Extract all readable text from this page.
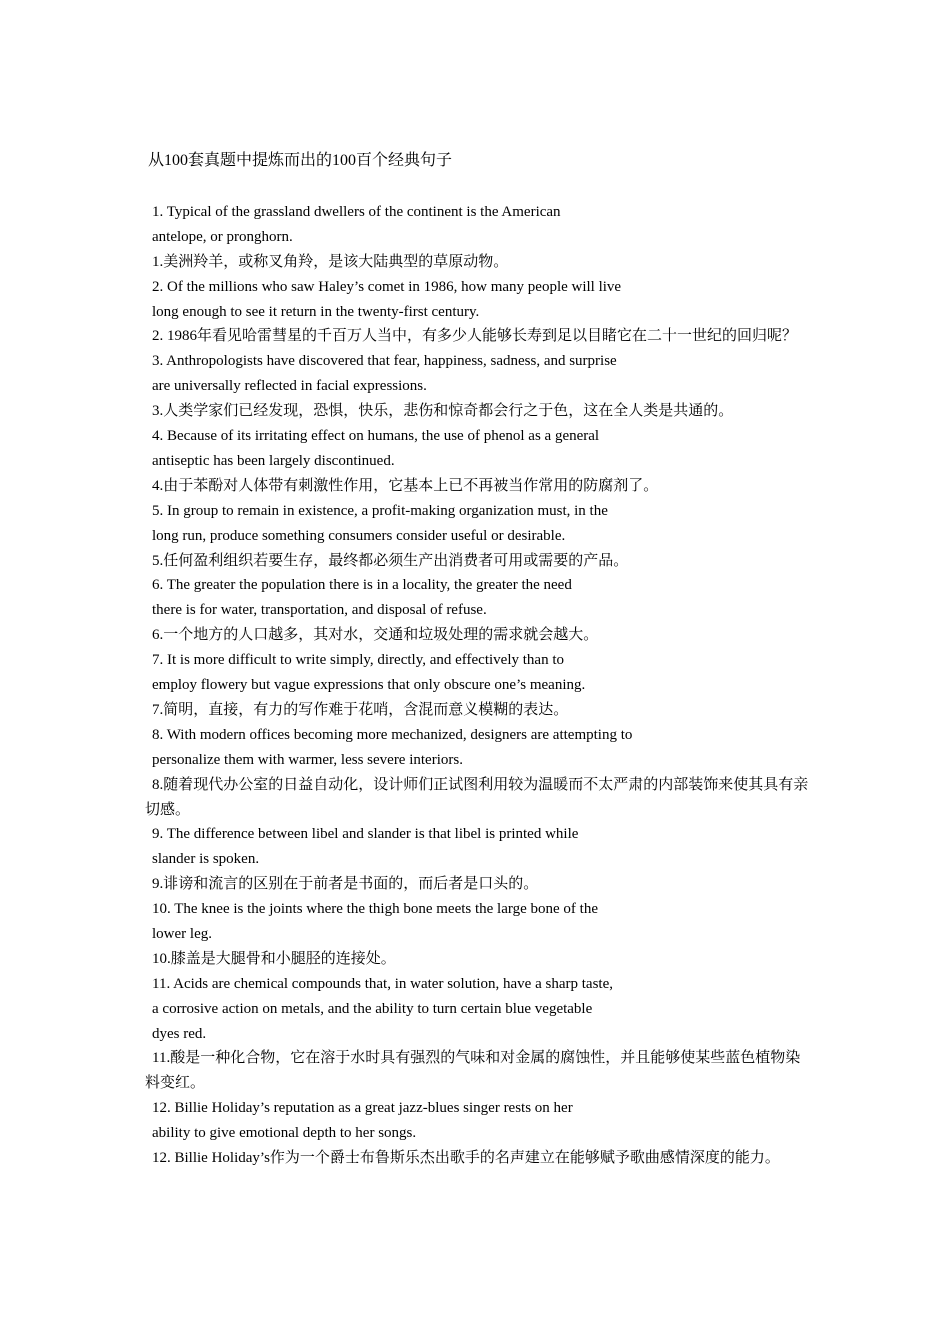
从100套真题中提炼而出的100百个经典句子
1. Typical of the grassland dwellers of the continent is the American
antelope, or pronghorn.
1.美洲羚羊，或称叉角羚，是该大陆典型的草原动物。
2. Of the millions who saw Haley’s comet in 1986, how many people will live
long enough to see it return in the twenty-first century.
2. 1986年看见哈雷彗星的千百万人当中，有多少人能够长寿到足以目睹它在二十一世纪的回归呢？
3. Anthropologists have discovered that fear, happiness, sadness, and surprise
are universally reflected in facial expressions.
3.人类学家们已经发现，恐惧，快乐，悲伤和惊奇都会行之于色，这在全人类是共通的。
4. Because of its irritating effect on humans, the use of phenol as a general
antiseptic has been largely discontinued.
4.由于苯酚对人体带有刺激性作用，它基本上已不再被当作常用的防腐剂了。
5. In group to remain in existence, a profit-making organization must, in the
long run, produce something consumers consider useful or desirable.
5.任何盈利组织若要生存，最终都必须生产出消费者可用或需要的产品。
6. The greater the population there is in a locality, the greater the need
there is for water, transportation, and disposal of refuse.
6.一个地方的人口越多，其对水，交通和垃圾处理的需求就会越大。
7. It is more difficult to write simply, directly, and effectively than to
employ flowery but vague expressions that only obscure one’s meaning.
7.简明，直接，有力的写作难于花哨，含混而意义模糊的表达。
8. With modern offices becoming more mechanized, designers are attempting to
personalize them with warmer, less severe interiors.
8.随着现代办公室的日益自动化，设计师们正试图利用较为温暖而不太严肃的内部装饰来使其具有亲切感。
9. The difference between libel and slander is that libel is printed while
slander is spoken.
9.诽谤和流言的区别在于前者是书面的，而后者是口头的。
10. The knee is the joints where the thigh bone meets the large bone of the
lower leg.
10.膝盖是大腿骨和小腿胫的连接处。
11. Acids are chemical compounds that, in water solution, have a sharp taste,
a corrosive action on metals, and the ability to turn certain blue vegetable
dyes red.
11.酸是一种化合物，它在溶于水时具有强烈的气味和对金属的腐蚀性，并且能够使某些蓝色植物染料变红。
12. Billie Holiday’s reputation as a great jazz-blues singer rests on her
ability to give emotional depth to her songs.
12. Billie Holiday’s作为一个爵士布鲁斯乐杰出歌手的名声建立在能够赋予歌曲感情深度的能力。
